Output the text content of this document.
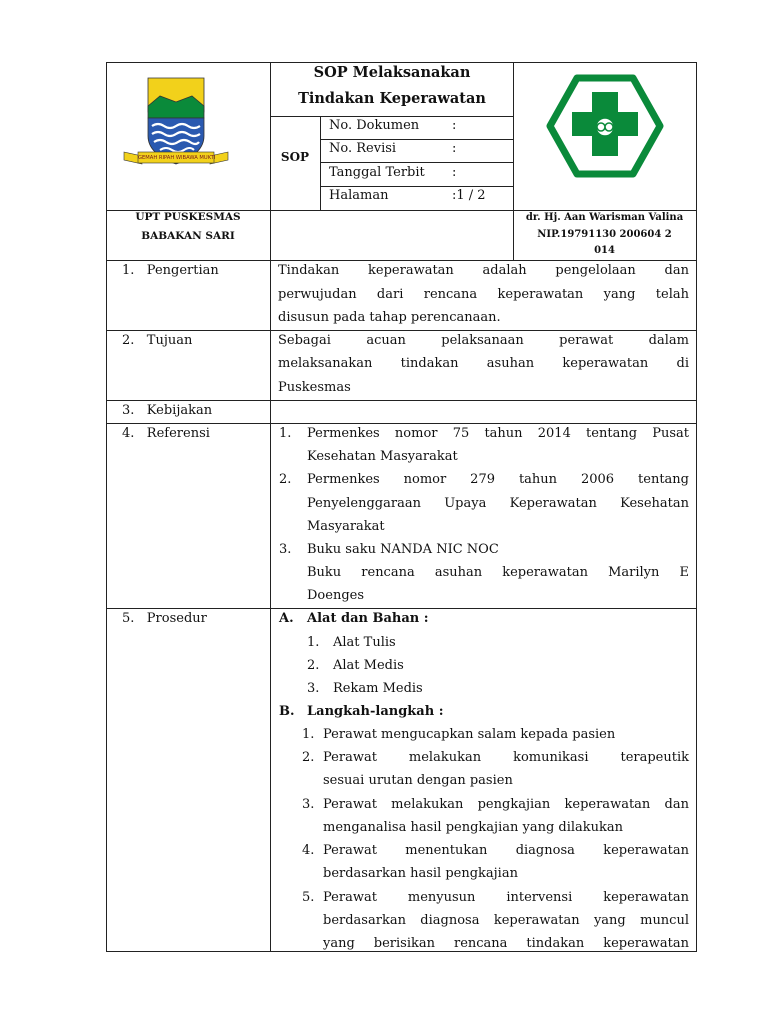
GEMAH RIPAH WIBAWA MUKTI
SOP Melaksanakan
Tindakan Keperawatan
SOP
No. Dokumen	:
No. Revisi	:
Tanggal Terbit :
Halaman	:1 / 2
UPT PUSKESMAS
BABAKAN SARI
dr. Hj. Aan Warisman Valina
NIP.19791130 200604 2
014
1.   Pengertian	Tindakan keperawatan adalah pengelolaan dan
perwujudan dari rencana keperawatan yang telah
disusun pada tahap perencanaan.
2.   Tujuan	Sebagai acuan pelaksanaan perawat dalam
melaksanakan tindakan asuhan keperawatan di
Puskesmas
3.   Kebijakan
4.   Referensi	1. Permenkes nomor 75 tahun 2014 tentang Pusat
Kesehatan Masyarakat
2. Permenkes nomor 279 tahun 2006 tentang
Penyelenggaraan Upaya Keperawatan Kesehatan
Masyarakat
3. Buku saku NANDA NIC NOC
Buku rencana asuhan keperawatan Marilyn E
Doenges
5.   Prosedur	A. Alat dan Bahan :
1. Alat Tulis
2. Alat Medis
3. Rekam Medis
B. Langkah-langkah :
1. Perawat mengucapkan salam kepada pasien
2. Perawat melakukan komunikasi terapeutik
sesuai urutan dengan pasien
3. Perawat melakukan pengkajian keperawatan dan
menganalisa hasil pengkajian yang dilakukan
4. Perawat menentukan diagnosa keperawatan
berdasarkan hasil pengkajian
5. Perawat menyusun intervensi keperawatan
berdasarkan diagnosa keperawatan yang muncul
yang berisikan rencana tindakan keperawatan
